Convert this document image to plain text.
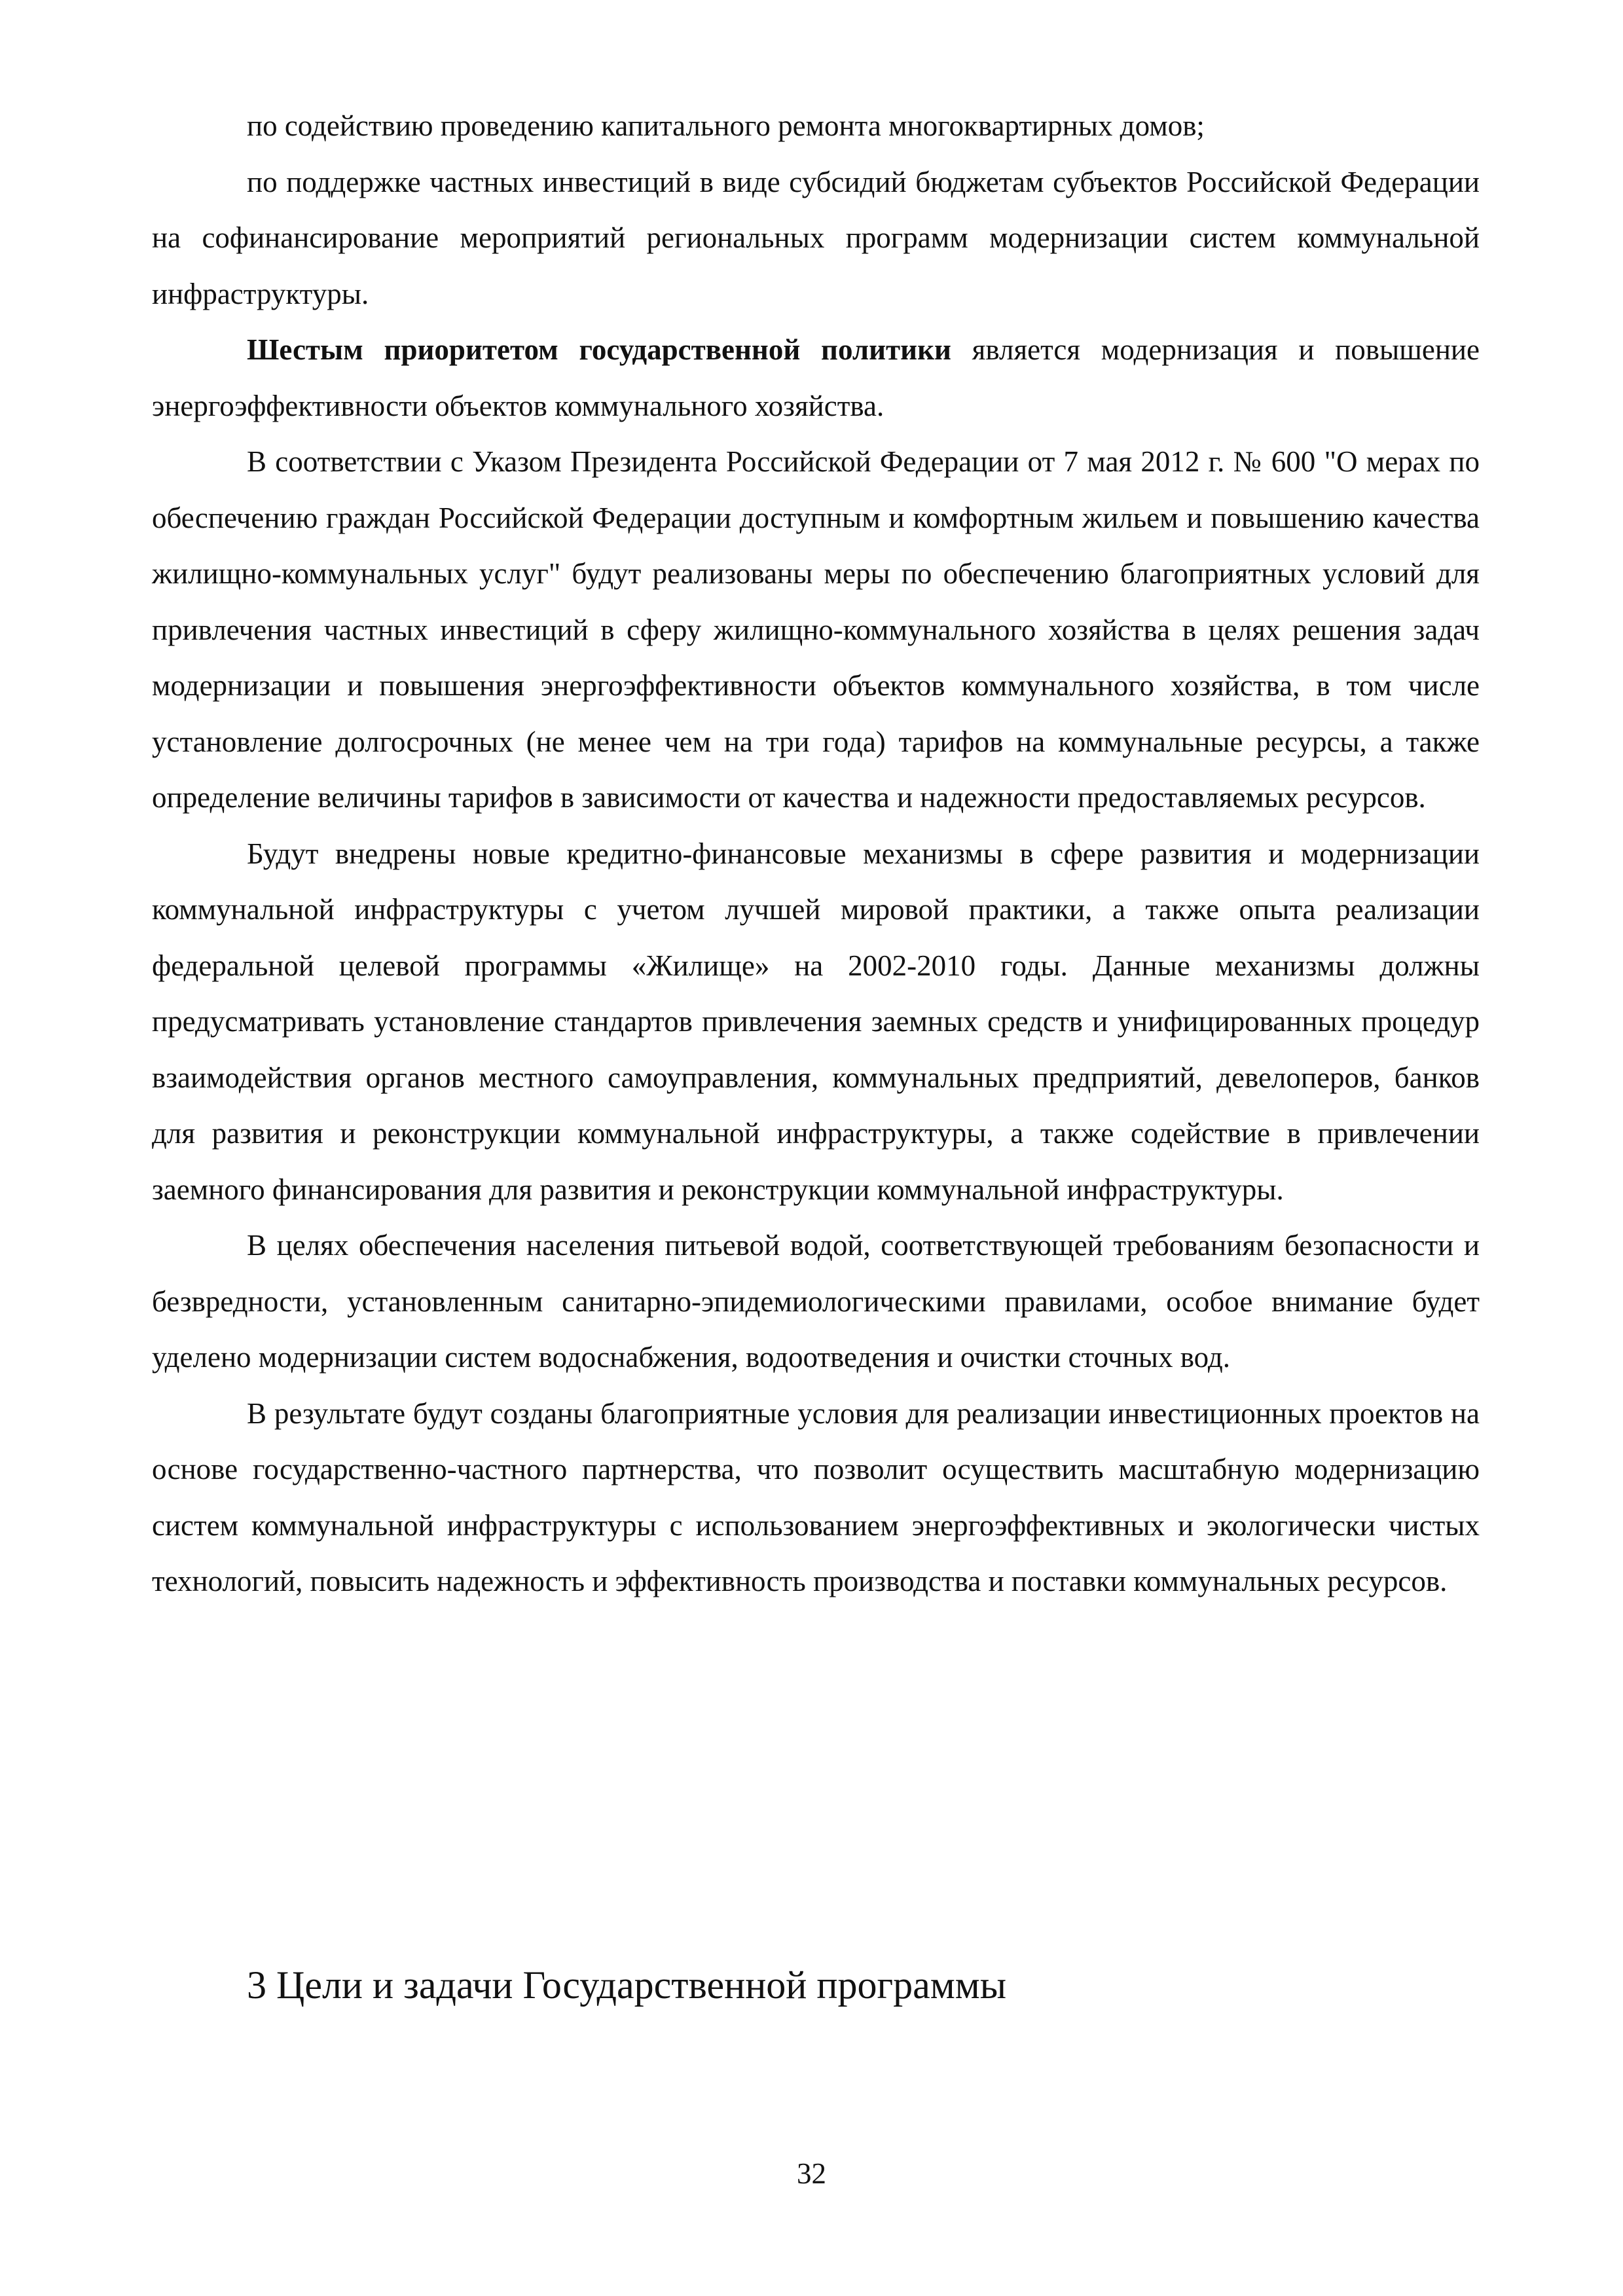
по содействию проведению капитального ремонта многоквартирных домов;

по поддержке частных инвестиций в виде субсидий бюджетам субъектов Российской Федерации на софинансирование мероприятий региональных программ модернизации систем коммунальной инфраструктуры.

Шестым приоритетом государственной политики является модернизация и повышение энергоэффективности объектов коммунального хозяйства.

В соответствии с Указом Президента Российской Федерации от 7 мая 2012 г. № 600 "О мерах по обеспечению граждан Российской Федерации доступным и комфортным жильем и повышению качества жилищно-коммунальных услуг" будут реализованы меры по обеспечению благоприятных условий для привлечения частных инвестиций в сферу жилищно-коммунального хозяйства в целях решения задач модернизации и повышения энергоэффективности объектов коммунального хозяйства, в том числе установление долгосрочных (не менее чем на три года) тарифов на коммунальные ресурсы, а также определение величины тарифов в зависимости от качества и надежности предоставляемых ресурсов.

Будут внедрены новые кредитно-финансовые механизмы в сфере развития и модернизации коммунальной инфраструктуры с учетом лучшей мировой практики, а также опыта реализации федеральной целевой программы «Жилище» на 2002-2010 годы. Данные механизмы должны предусматривать установление стандартов привлечения заемных средств и унифицированных процедур взаимодействия органов местного самоуправления, коммунальных предприятий, девелоперов, банков для развития и реконструкции коммунальной инфраструктуры, а также содействие в привлечении заемного финансирования для развития и реконструкции коммунальной инфраструктуры.

В целях обеспечения населения питьевой водой, соответствующей требованиям безопасности и безвредности, установленным санитарно-эпидемиологическими правилами, особое внимание будет уделено модернизации систем водоснабжения, водоотведения и очистки сточных вод.

В результате будут созданы благоприятные условия для реализации инвестиционных проектов на основе государственно-частного партнерства, что позволит осуществить масштабную модернизацию систем коммунальной инфраструктуры с использованием энергоэффективных и экологически чистых технологий, повысить надежность и эффективность производства и поставки коммунальных ресурсов.

3 Цели и задачи Государственной программы
32
